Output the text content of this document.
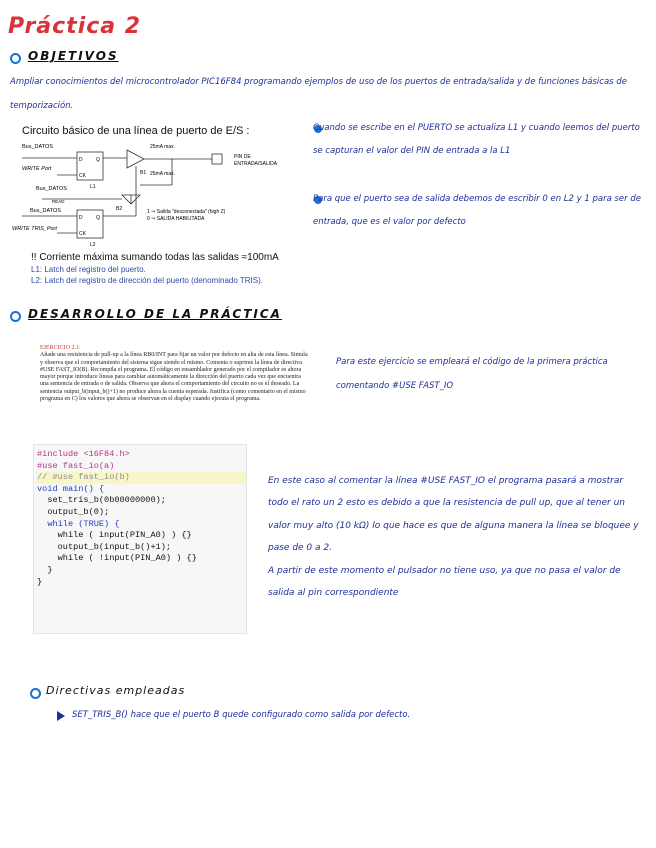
Práctica 2
OBJETIVOS
Ampliar conocimientos del microcontrolador PIC16F84 programando ejemplos de uso de los puertos de entrada/salida y de funciones básicas de temporización.
Circuito básico de una línea de puerto de E/S :
Bus_DATOS
WRITE Port
Bus_DATOS
READ
Bus_DATOS
WRITE TRIS_Port
D	Q
CK
L1
D	Q
CK
L2
B1
B2
25mA max.
25mA max.
PIN DE
ENTRADA/SALIDA
1 ⇒ Salida "desconectada" (high Z)
0 ⇒ SALIDA HABILITADA
!! Corriente máxima sumando todas las salidas ≈100mA
L1: Latch del registro del puerto.
L2: Latch del registro de dirección del puerto (denominado TRIS).
Cuando se escribe en el PUERTO se actualiza L1 y cuando leemos del puerto se capturan el valor del PIN de entrada a la L1
Para que el puerto sea de salida debemos de escribir 0 en L2 y 1 para ser de entrada, que es el valor por defecto
DESARROLLO DE LA PRÁCTICA
EJERCICIO 2.1:
Añade una resistencia de pull-up a la línea RB0/INT para fijar un valor por defecto en alta de esta línea. Simula y observa que el comportamiento del sistema sigue siendo el mismo. Comenta o suprime la línea de directiva #USE FAST_IO(B). Recompila el programa. El código en ensamblador generado por el compilador es ahora mayor porque introduce líneas para cambiar automáticamente la dirección del puerto cada vez que encuentra una sentencia de entrada o de salida. Observa que ahora el comportamiento del circuito no es el deseado. La sentencia output_b(input_b()+1) no produce ahora la cuenta esperada. Justifica (como comentario en el mismo programa en C) los valores que ahora se observan en el display cuando ejecuta el programa.
Para este ejercicio se empleará el código de la primera práctica comentando #USE FAST_IO
#include <16F84.h>
#use fast_io(a)
// #use fast_io(b)
void main() {
set_tris_b(0b00000000);
output_b(0);
while (TRUE) {
while ( input(PIN_A0) ) {}
output_b(input_b()+1);
while ( !input(PIN_A0) ) {}
}
}
En este caso al comentar la línea #USE FAST_IO el programa pasará a mostrar todo el rato un 2 esto es debido a que la resistencia de pull up, que al tener un valor muy alto (10 kΩ) lo que hace es que de alguna manera la línea se bloquee y pase de 0 a 2.
A partir de este momento el pulsador no tiene uso, ya que no pasa el valor de salida al pin correspondiente
Directivas empleadas
SET_TRIS_B() hace que el puerto B quede configurado como salida por defecto.
